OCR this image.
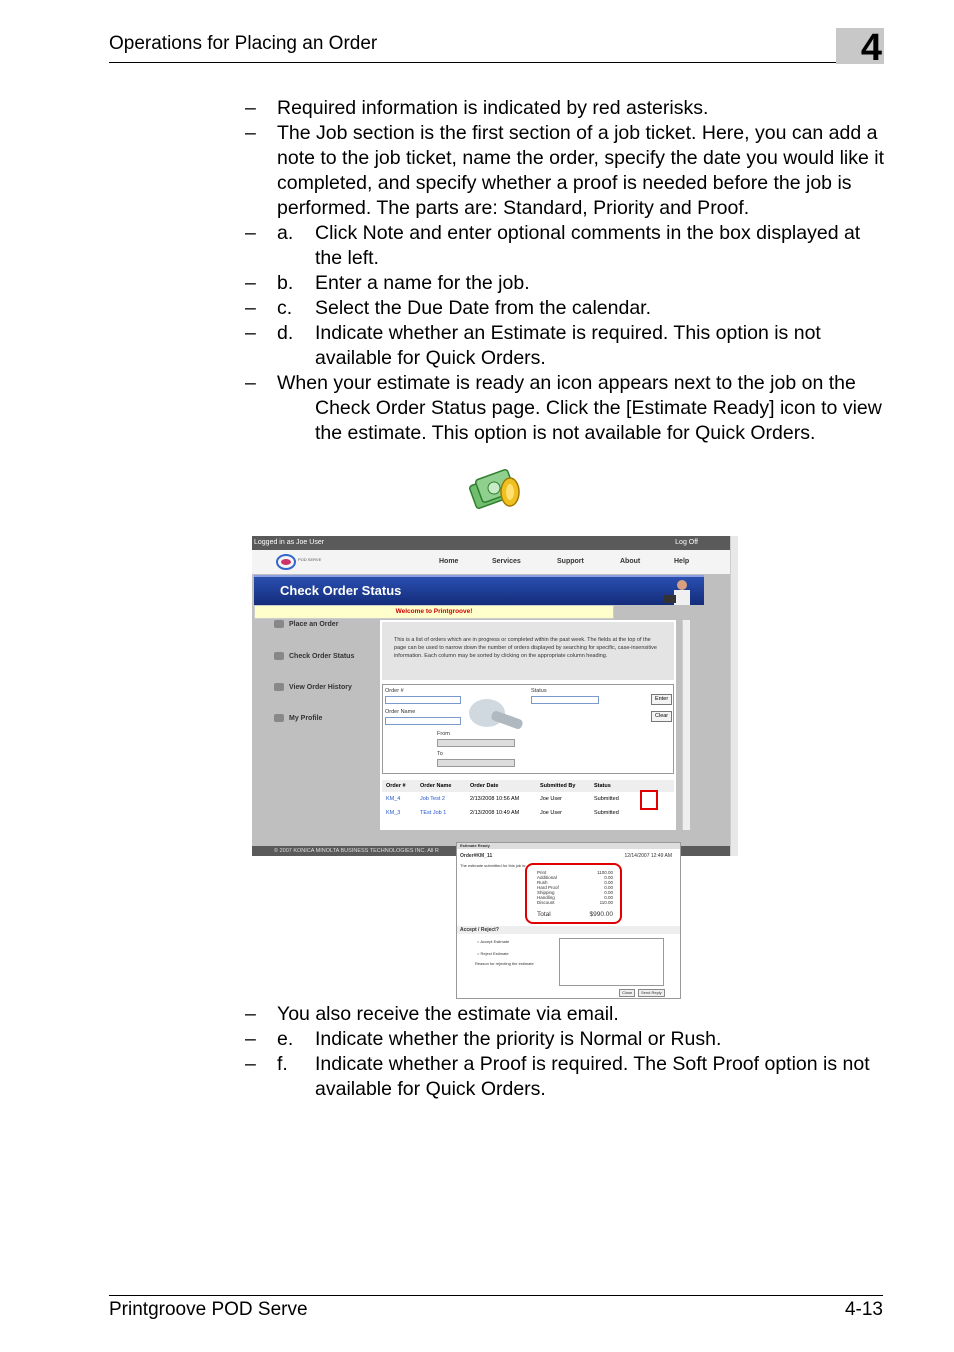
Operations for Placing an Order	4
– Required information is indicated by red asterisks.
– The Job section is the first section of a job ticket. Here, you can add a note to the job ticket, name the order, specify the date you would like it completed, and specify whether a proof is needed before the job is performed. The parts are: Standard, Priority and Proof.
– a. Click Note and enter optional comments in the box displayed at the left.
– b. Enter a name for the job.
– c. Select the Due Date from the calendar.
– d. Indicate whether an Estimate is required. This option is not available for Quick Orders.
– When your estimate is ready an icon appears next to the job on the
Check Order Status page. Click the [Estimate Ready] icon to view the estimate. This option is not available for Quick Orders.
Logged in as Joe User	Log Off
POD SERVE	Home	Services	Support	About	Help
Check Order Status
Welcome to Printgroove!
Place an Order
Check Order Status
View Order History
My Profile
This is a list of orders which are in progress or completed within the past week. The fields at the top of the page can be used to narrow down the number of orders displayed by searching for specific, case-insensitive information. Each column may be sorted by clicking on the appropriate column heading.
Order #
Order Name
Status
Enter
Clear
From
To
Order #	Order Name	Order Date	Submitted By	Status
KM_4	Job Test 2	2/13/2008 10:56 AM	Joe User	Submitted
KM_3	TEst Job 1	2/13/2008 10:49 AM	Joe User	Submitted
© 2007 KONICA MINOLTA BUSINESS TECHNOLOGIES INC. All R
Estimate Ready
Order#KM_11	12/14/2007 12:49 AM
The estimate submitted for this job is:
Print	1100.00
Additional	0.00
Rush	0.00
Hard Proof	0.00
Shipping	0.00
Handling	0.00
Discount	110.00
Total	$990.00
Accept / Reject?
○ Accept Estimate
○ Reject Estimate
Reason for rejecting the estimate
Close	Send Reply
– You also receive the estimate via email.
– e. Indicate whether the priority is Normal or Rush.
– f. Indicate whether a Proof is required. The Soft Proof option is not available for Quick Orders.
Printgroove POD Serve	4-13
